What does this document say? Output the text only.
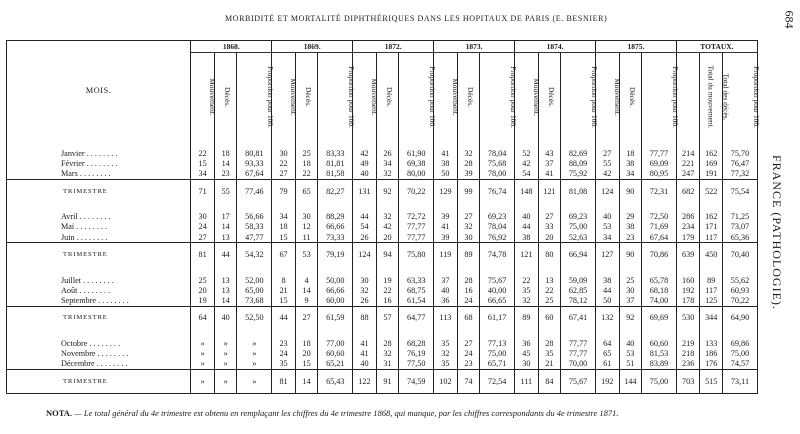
MORBIDITÉ ET MORTALITÉ DIPHTHÉRIQUES DANS LES HOPITAUX DE PARIS (E. BESNIER)	684
FRANCE (PATHOLOGIE).
MOIS.	1868.			1869.			1872.			1873.			1874.			1875.			TOTAUX.		
	Mouvement.	Décès.	Proportion pour 100.	Mouvement.	Décès.	Proportion pour 100.	Mouvement.	Décès.	Proportion pour 100.	Mouvement.	Décès.	Proportion pour 100.	Mouvement.	Décès.	Proportion pour 100.	Mouvement.	Décès.	Proportion pour 100.	Total du mouvement.	Total des décès.	Proportion pour 100.

Janvier . . . . . . . .	22	18	80,81	30	25	83,33	42	26	61,90	41	32	78,04	52	43	82,69	27	18	77,77	214	162	75,70
Février . . . . . . . .	15	14	93,33	22	18	81,81	49	34	69,38	38	28	75,68	42	37	88,09	55	38	69,09	221	169	76,47
Mars . . . . . . . .	34	23	67,64	27	22	81,58	40	32	80,00	50	39	78,00	54	41	75,92	42	34	80,95	247	191	77,32
TRIMESTRE	71	55	77,46	79	65	82,27	131	92	70,22	129	99	76,74	148	121	81,08	124	90	72,31	682	522	75,54

Avril . . . . . . . .	30	17	56,66	34	30	88,29	44	32	72,72	39	27	69,23	40	27	69,23	40	29	72,50	286	162	71,25
Mai . . . . . . . .	24	14	58,33	18	12	66,66	54	42	77,77	41	32	78,04	44	33	75,00	53	38	71,69	234	171	73,07
Juin . . . . . . . .	27	13	47,77	15	11	73,33	26	20	77,77	39	30	76,92	38	20	52,63	34	23	67,64	179	117	65,36
TRIMESTRE	81	44	54,32	67	53	79,19	124	94	75,80	119	89	74,78	121	80	66,94	127	90	70,86	639	450	70,40

Juillet . . . . . . . .	25	13	52,00	8	4	50,00	30	19	63,33	37	28	75,67	22	13	59,09	38	25	65,78	160	89	55,62
Août . . . . . . . .	20	13	65,00	21	14	66,66	32	22	68,75	40	16	40,00	35	22	62,85	44	30	68,18	192	117	60,93
Septembre . . . . . . . .	19	14	73,68	15	9	60,00	26	16	61,54	36	24	66,65	32	25	78,12	50	37	74,00	178	125	70,22
TRIMESTRE	64	40	52,50	44	27	61,59	88	57	64,77	113	68	61,17	89	60	67,41	132	92	69,69	530	344	64,90

Octobre . . . . . . . .	»	»	»	23	18	77,00	41	28	68,28	35	27	77,13	36	28	77,77	64	40	60,60	219	133	69,86
Novembre . . . . . . . .	»	»	»	24	20	60,60	41	32	76,19	32	24	75,00	45	35	77,77	65	53	81,53	218	186	75,00
Décembre . . . . . . . .	»	»	»	35	15	65,21	40	31	77,50	35	23	65,71	30	21	70,00	61	51	83,89	236	176	74,57
TRIMESTRE	»	»	»	81	14	65,43	122	91	74,59	102	74	72,54	111	84	75,67	192	144	75,00	703	515	73,11
NOTA. — Le total général du 4e trimestre est obtenu en remplaçant les chiffres du 4e trimestre 1868, qui manque, par les chiffres correspondants du 4e trimestre 1871.
